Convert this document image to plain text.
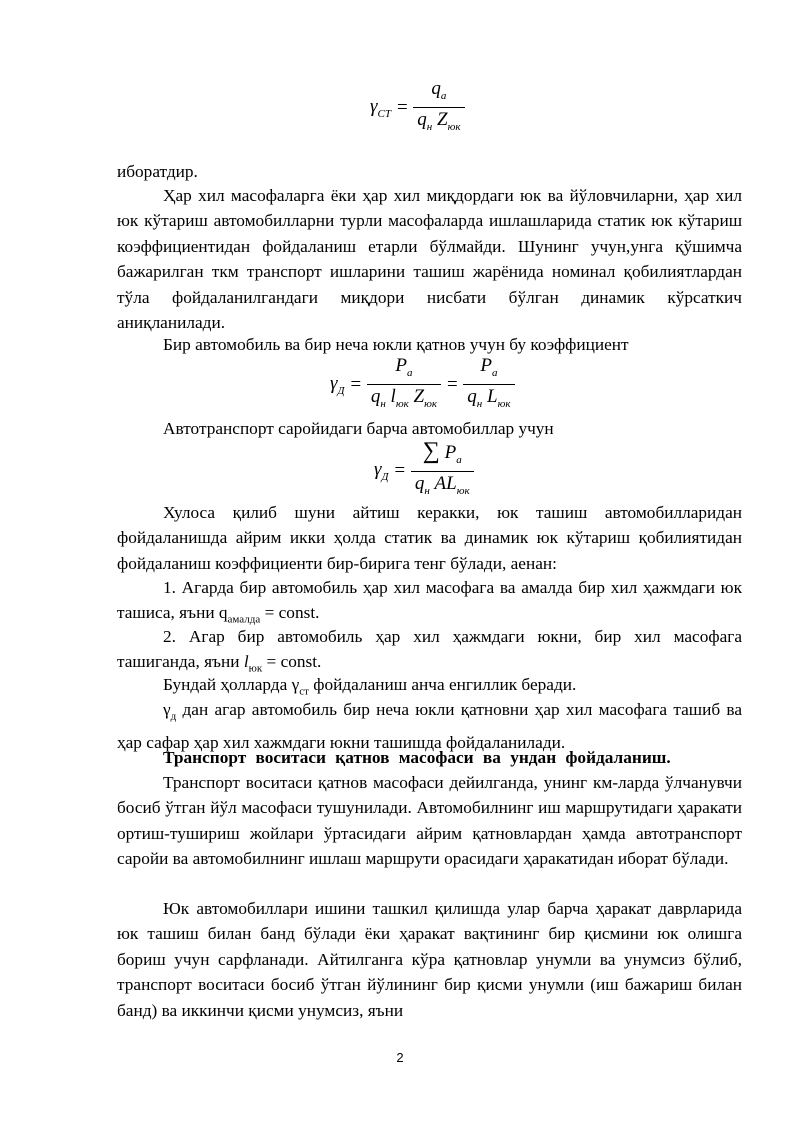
$\gamma_{СТ} = \frac{q_а}{q_н Z_{юк}}$

иборатдир.

Ҳар хил масофаларга ёки ҳар хил миқдордаги юк ва йўловчиларни, ҳар хил юк кўтариш автомобилларни турли масофаларда ишлашларида статик юк кўтариш коэффициентидан фойдаланиш етарли бўлмайди. Шунинг учун,унга қўшимча бажарилган ткм транспорт ишларини ташиш жарёнида номинал қобилиятлардан тўла фойдаланилгандаги миқдори нисбати бўлган динамик кўрсаткич аниқланилади.

Бир автомобиль ва бир неча юкли қатнов учун бу коэффициент

$\gamma_Д = \frac{P_а}{q_н l_{юк} Z_{юк}} = \frac{P_а}{q_н L_{юк}}$

Автотранспорт саройидаги барча автомобиллар учун

$\gamma_Д = \frac{\sum P_а}{q_н AL_{юк}}$

Хулоса қилиб шуни айтиш керакки, юк ташиш автомобилларидан фойдаланишда айрим икки ҳолда статик ва динамик юк кўтариш қобилиятидан фойдаланиш коэффициенти бир-бирига тенг бўлади, аенан:

1. Агарда бир автомобиль ҳар хил масофага ва амалда бир хил ҳажмдаги юк ташиса, яъни $q_{амалда}$ = const.

2. Агар бир автомобиль ҳар хил ҳажмдаги юкни, бир хил масофага ташиганда, яъни $l_{юк}$ = const.

Бундай ҳолларда $\gamma_{ст}$ фойдаланиш анча енгиллик беради.

$\gamma_д$ дан агар автомобиль бир неча юкли қатновни ҳар хил масофага ташиб ва ҳар сафар ҳар хил хажмдаги юкни ташишда фойдаланилади.

Транспорт воситаси қатнов масофаси ва ундан фойдаланиш.

Транспорт воситаси қатнов масофаси дейилганда, унинг км-ларда ўлчанувчи босиб ўтган йўл масофаси тушунилади. Автомобилнинг иш маршрутидаги ҳаракати ортиш-тушириш жойлари ўртасидаги айрим қатновлардан ҳамда автотранспорт саройи ва автомобилнинг ишлаш маршрути орасидаги ҳаракатидан иборат бўлади.

Юк автомобиллари ишини ташкил қилишда улар барча ҳаракат даврларида юк ташиш билан банд бўлади ёки ҳаракат вақтининг бир қисмини юк олишга бориш учун сарфланади. Айтилганга кўра қатновлар унумли ва унумсиз бўлиб, транспорт воситаси босиб ўтган йўлининг бир қисми унумли (иш бажариш билан банд) ва иккинчи қисми унумсиз, яъни

2
